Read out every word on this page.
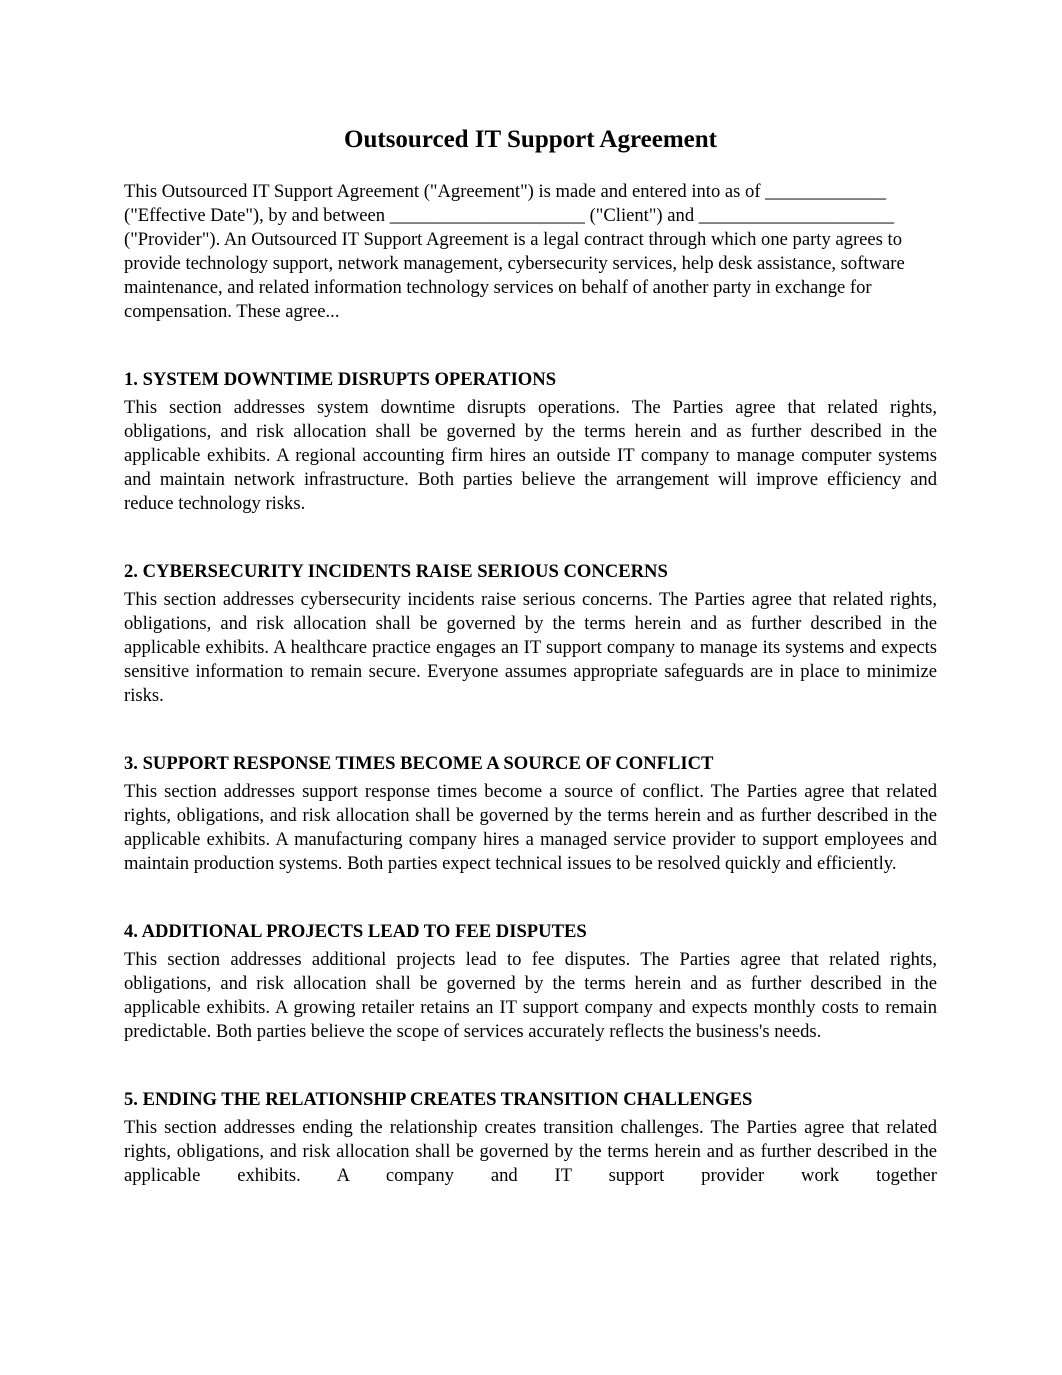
Outsourced IT Support Agreement

This Outsourced IT Support Agreement ("Agreement") is made and entered into as of _____________ ("Effective Date"), by and between _____________________ ("Client") and _____________________ ("Provider"). An Outsourced IT Support Agreement is a legal contract through which one party agrees to provide technology support, network management, cybersecurity services, help desk assistance, software maintenance, and related information technology services on behalf of another party in exchange for compensation. These agree...

1. SYSTEM DOWNTIME DISRUPTS OPERATIONS

This section addresses system downtime disrupts operations. The Parties agree that related rights, obligations, and risk allocation shall be governed by the terms herein and as further described in the applicable exhibits. A regional accounting firm hires an outside IT company to manage computer systems and maintain network infrastructure. Both parties believe the arrangement will improve efficiency and reduce technology risks.

2. CYBERSECURITY INCIDENTS RAISE SERIOUS CONCERNS

This section addresses cybersecurity incidents raise serious concerns. The Parties agree that related rights, obligations, and risk allocation shall be governed by the terms herein and as further described in the applicable exhibits. A healthcare practice engages an IT support company to manage its systems and expects sensitive information to remain secure. Everyone assumes appropriate safeguards are in place to minimize risks.

3. SUPPORT RESPONSE TIMES BECOME A SOURCE OF CONFLICT

This section addresses support response times become a source of conflict. The Parties agree that related rights, obligations, and risk allocation shall be governed by the terms herein and as further described in the applicable exhibits. A manufacturing company hires a managed service provider to support employees and maintain production systems. Both parties expect technical issues to be resolved quickly and efficiently.

4. ADDITIONAL PROJECTS LEAD TO FEE DISPUTES

This section addresses additional projects lead to fee disputes. The Parties agree that related rights, obligations, and risk allocation shall be governed by the terms herein and as further described in the applicable exhibits. A growing retailer retains an IT support company and expects monthly costs to remain predictable. Both parties believe the scope of services accurately reflects the business's needs.

5. ENDING THE RELATIONSHIP CREATES TRANSITION CHALLENGES

This section addresses ending the relationship creates transition challenges. The Parties agree that related rights, obligations, and risk allocation shall be governed by the terms herein and as further described in the applicable exhibits. A company and IT support provider work together
